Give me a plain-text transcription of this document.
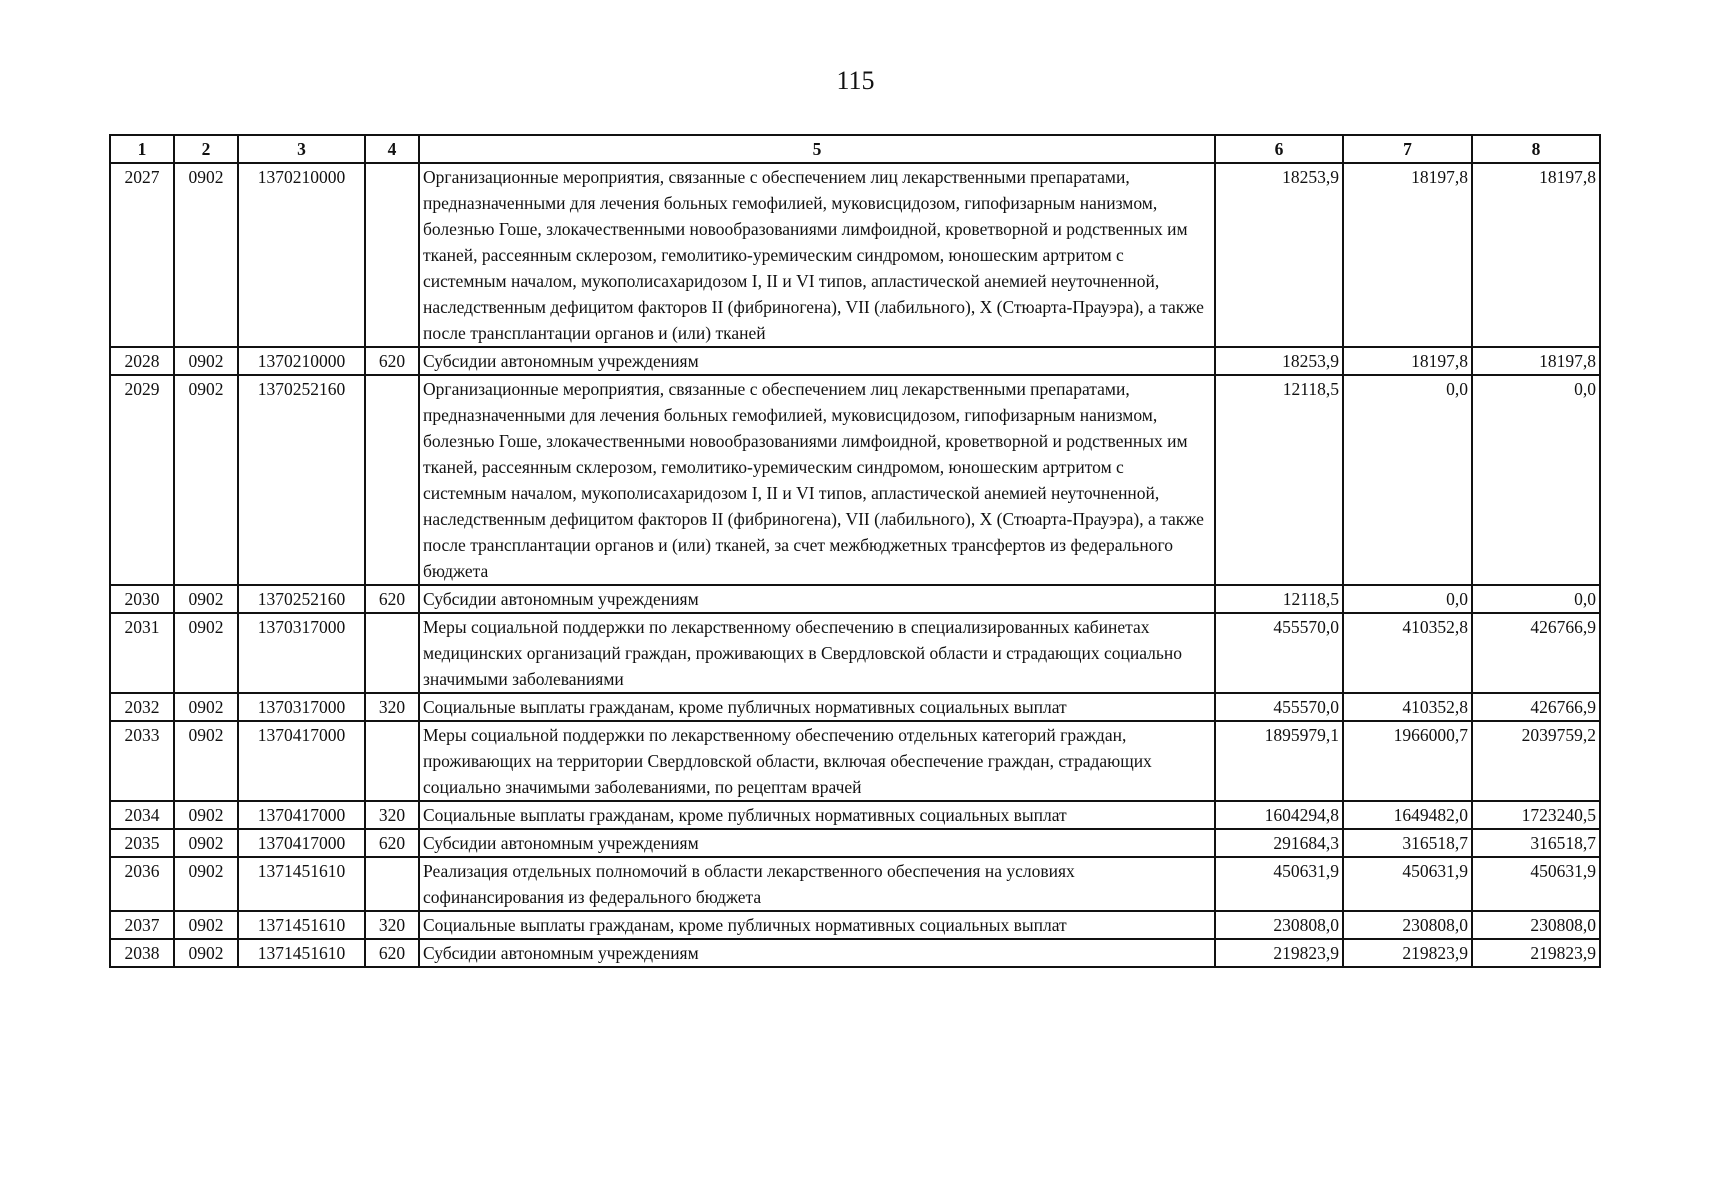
115
1	2	3	4	5	6	7	8
2027	0902	1370210000		Организационные мероприятия, связанные с обеспечением лиц лекарственными препаратами, предназначенными для лечения больных гемофилией, муковисцидозом, гипофизарным нанизмом, болезнью Гоше, злокачественными новообразованиями лимфоидной, кроветворной и родственных им тканей, рассеянным склерозом, гемолитико-уремическим синдромом, юношеским артритом с системным началом, мукополисахаридозом I, II и VI типов, апластической анемией неуточненной, наследственным дефицитом факторов II (фибриногена), VII (лабильного), X (Стюарта-Прауэра), а также после трансплантации органов и (или) тканей	18253,9	18197,8	18197,8
2028	0902	1370210000	620	Субсидии автономным учреждениям	18253,9	18197,8	18197,8
2029	0902	1370252160		Организационные мероприятия, связанные с обеспечением лиц лекарственными препаратами, предназначенными для лечения больных гемофилией, муковисцидозом, гипофизарным нанизмом, болезнью Гоше, злокачественными новообразованиями лимфоидной, кроветворной и родственных им тканей, рассеянным склерозом, гемолитико-уремическим синдромом, юношеским артритом с системным началом, мукополисахаридозом I, II и VI типов, апластической анемией неуточненной, наследственным дефицитом факторов II (фибриногена), VII (лабильного), X (Стюарта-Прауэра), а также после трансплантации органов и (или) тканей, за счет межбюджетных трансфертов из федерального бюджета	12118,5	0,0	0,0
2030	0902	1370252160	620	Субсидии автономным учреждениям	12118,5	0,0	0,0
2031	0902	1370317000		Меры социальной поддержки по лекарственному обеспечению в специализированных кабинетах медицинских организаций граждан, проживающих в Свердловской области и страдающих социально значимыми заболеваниями	455570,0	410352,8	426766,9
2032	0902	1370317000	320	Социальные выплаты гражданам, кроме публичных нормативных социальных выплат	455570,0	410352,8	426766,9
2033	0902	1370417000		Меры социальной поддержки по лекарственному обеспечению отдельных категорий граждан, проживающих на территории Свердловской области, включая обеспечение граждан, страдающих социально значимыми заболеваниями, по рецептам врачей	1895979,1	1966000,7	2039759,2
2034	0902	1370417000	320	Социальные выплаты гражданам, кроме публичных нормативных социальных выплат	1604294,8	1649482,0	1723240,5
2035	0902	1370417000	620	Субсидии автономным учреждениям	291684,3	316518,7	316518,7
2036	0902	1371451610		Реализация отдельных полномочий в области лекарственного обеспечения на условиях софинансирования из федерального бюджета	450631,9	450631,9	450631,9
2037	0902	1371451610	320	Социальные выплаты гражданам, кроме публичных нормативных социальных выплат	230808,0	230808,0	230808,0
2038	0902	1371451610	620	Субсидии автономным учреждениям	219823,9	219823,9	219823,9
